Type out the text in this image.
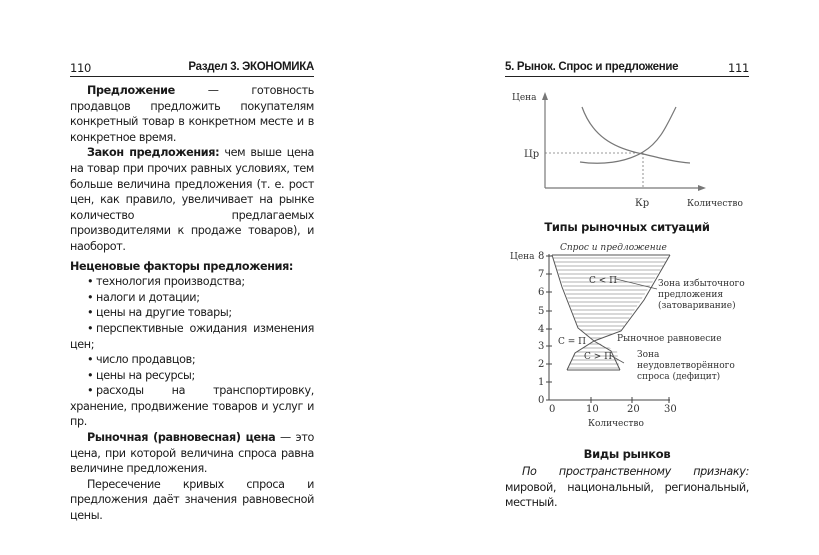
110	Раздел 3. ЭКОНОМИКА

Предложение — готовность продавцов предложить покупателям конкретный товар в конкретном месте и в конкретное время.

Закон предложения: чем выше цена на товар при прочих равных условиях, тем больше величина предложения (т. е. рост цен, как правило, увеличивает на рынке количество предлагаемых производителями к продаже товаров), и наоборот.

Неценовые факторы предложения:

• технология производства;
• налоги и дотации;
• цены на другие товары;
• перспективные ожидания изменения цен;
• число продавцов;
• цены на ресурсы;
• расходы на транспортировку, хранение, продвижение товаров и услуг и пр.

Рыночная (равновесная) цена — это цена, при которой величина спроса равна величине предложения.

Пересечение кривых спроса и предложения даёт значения равновесной цены.

5. Рынок. Спрос и предложение	111
Цена
Цр
Кр	Количество
Цена 8
7
6
5
4
3
2
1
0
0	10	20 30
Количество
Спрос и предложение
С < П	Зона избыточного
предложения
(затоваривание)
С = П	Рыночное равновесие
С > П	Зона
неудовлетворённого
спроса (дефицит)
Типы рыночных ситуаций
Виды рынков

По пространственному признаку: мировой, национальный, региональный, местный.
